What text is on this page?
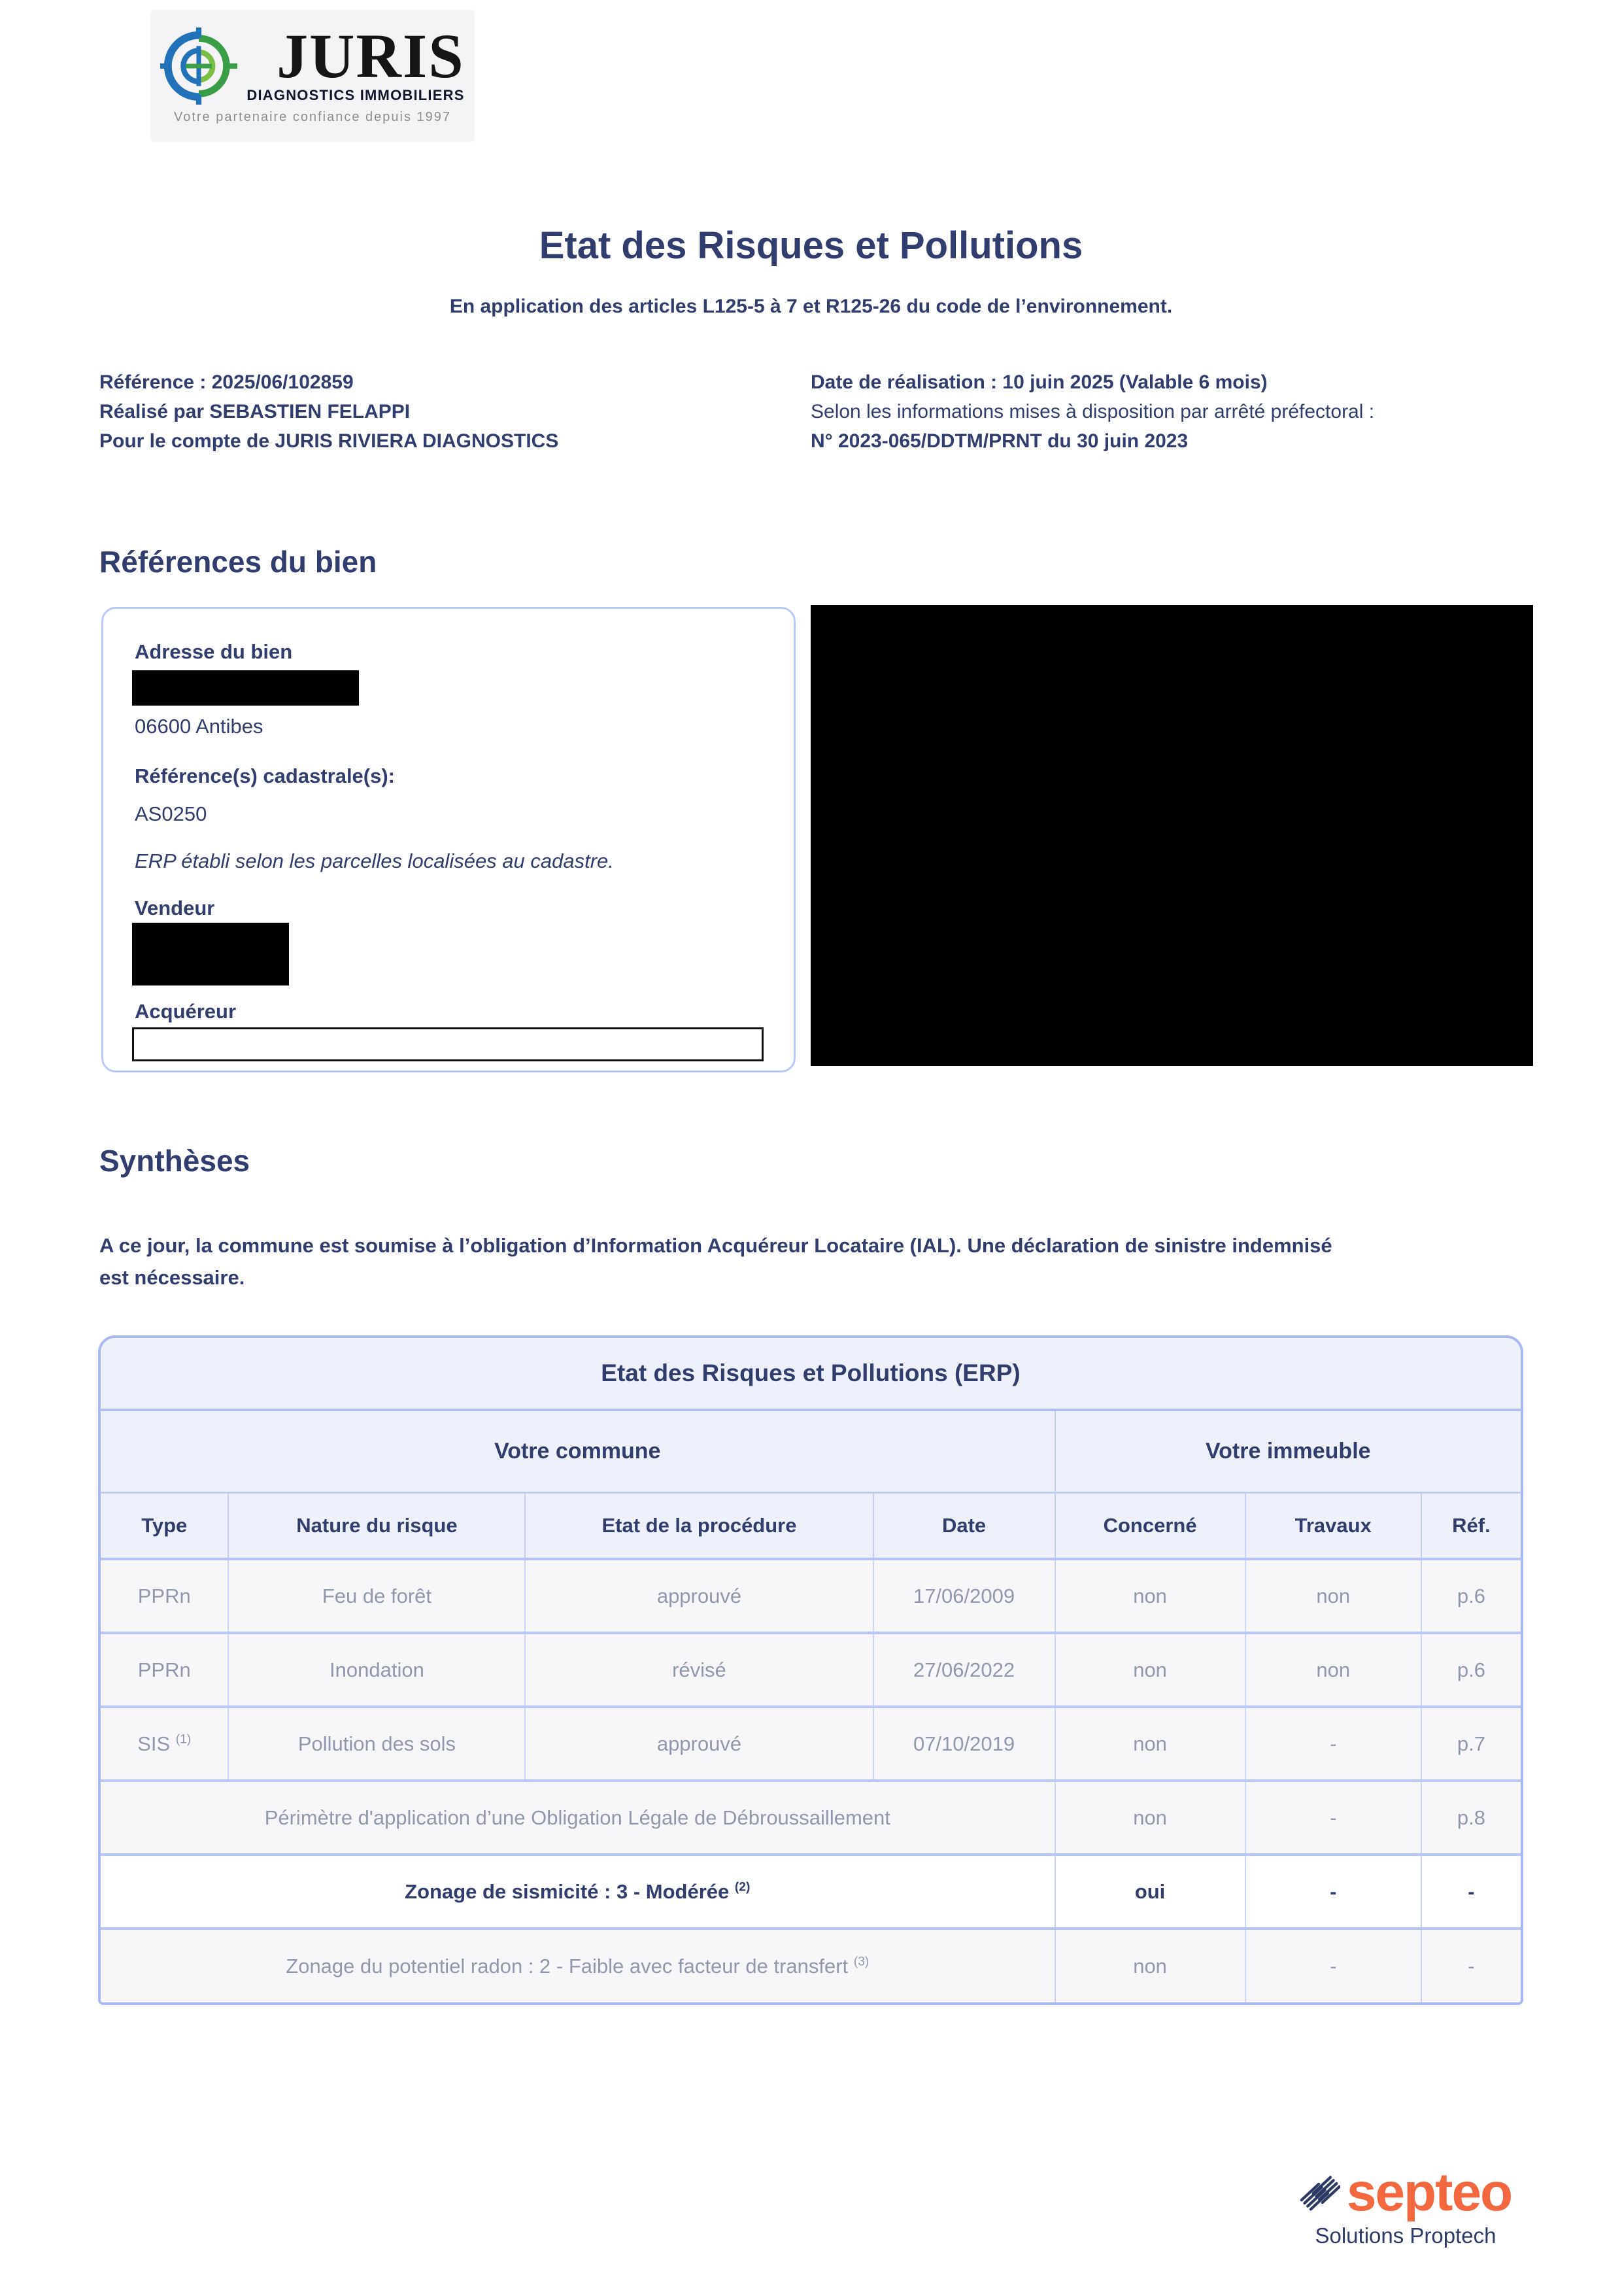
JURIS
DIAGNOSTICS IMMOBILIERS
Votre partenaire confiance depuis 1997
Etat des Risques et Pollutions
En application des articles L125-5 à 7 et R125-26 du code de l’environnement.
Référence : 2025/06/102859
Réalisé par SEBASTIEN FELAPPI
Pour le compte de JURIS RIVIERA DIAGNOSTICS
Date de réalisation : 10 juin 2025 (Valable 6 mois)
Selon les informations mises à disposition par arrêté préfectoral :
N° 2023-065/DDTM/PRNT du 30 juin 2023
Références du bien
Adresse du bien
06600 Antibes
Référence(s) cadastrale(s):
AS0250
ERP établi selon les parcelles localisées au cadastre.
Vendeur
Acquéreur
Synthèses
A ce jour, la commune est soumise à l’obligation d’Information Acquéreur Locataire (IAL). Une déclaration de sinistre indemnisé est nécessaire.
Etat des Risques et Pollutions (ERP)						
Votre commune				Votre immeuble		
Type	Nature du risque	Etat de la procédure	Date	Concerné	Travaux	Réf.
PPRn	Feu de forêt	approuvé	17/06/2009	non	non	p.6
PPRn	Inondation	révisé	27/06/2022	non	non	p.6
SIS $^{(1)}$	Pollution des sols	approuvé	07/10/2019	non	-	p.7
Périmètre d'application d’une Obligation Légale de Débroussaillement				non	-	p.8
Zonage de sismicité : 3 - Modérée $^{(2)}$				oui	-	-
Zonage du potentiel radon : 2 - Faible avec facteur de transfert $^{(3)}$				non	-	-
septeo
Solutions Proptech
